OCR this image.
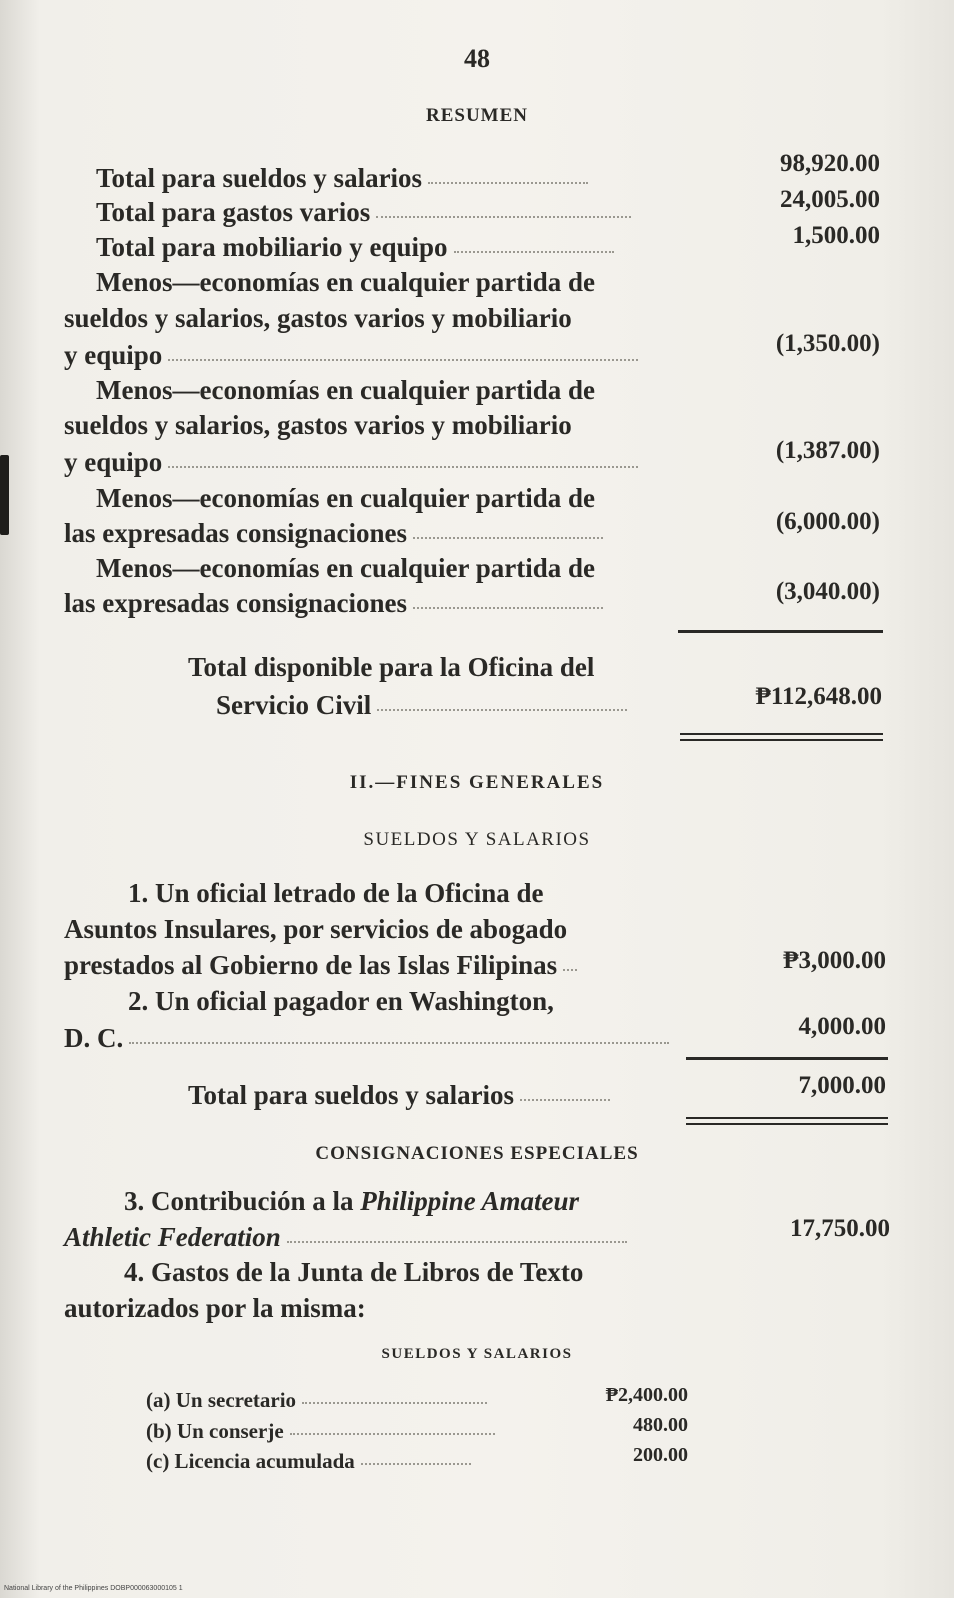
48
RESUMEN
Total para sueldos y salarios	98,920.00
Total para gastos varios	24,005.00
Total para mobiliario y equipo	1,500.00
Menos—economías en cualquier partida de
sueldos y salarios, gastos varios y mobiliario
y equipo	(1,350.00)
Menos—economías en cualquier partida de
sueldos y salarios, gastos varios y mobiliario
y equipo	(1,387.00)
Menos—economías en cualquier partida de
las expresadas consignaciones	(6,000.00)
Menos—economías en cualquier partida de
las expresadas consignaciones	(3,040.00)
Total disponible para la Oficina del
Servicio Civil	₱112,648.00
II.—FINES GENERALES
SUELDOS Y SALARIOS
1. Un oficial letrado de la Oficina de
Asuntos Insulares, por servicios de abogado
prestados al Gobierno de las Islas Filipinas	₱3,000.00
2. Un oficial pagador en Washington,
D. C.	4,000.00
Total para sueldos y salarios	7,000.00
CONSIGNACIONES ESPECIALES
3. Contribución a la Philippine Amateur
Athletic Federation	17,750.00
4. Gastos de la Junta de Libros de Texto
autorizados por la misma:
SUELDOS Y SALARIOS
(a) Un secretario	₱2,400.00
(b) Un conserje	480.00
(c) Licencia acumulada	200.00
National Library of the Philippines DOBP000063000105 1
